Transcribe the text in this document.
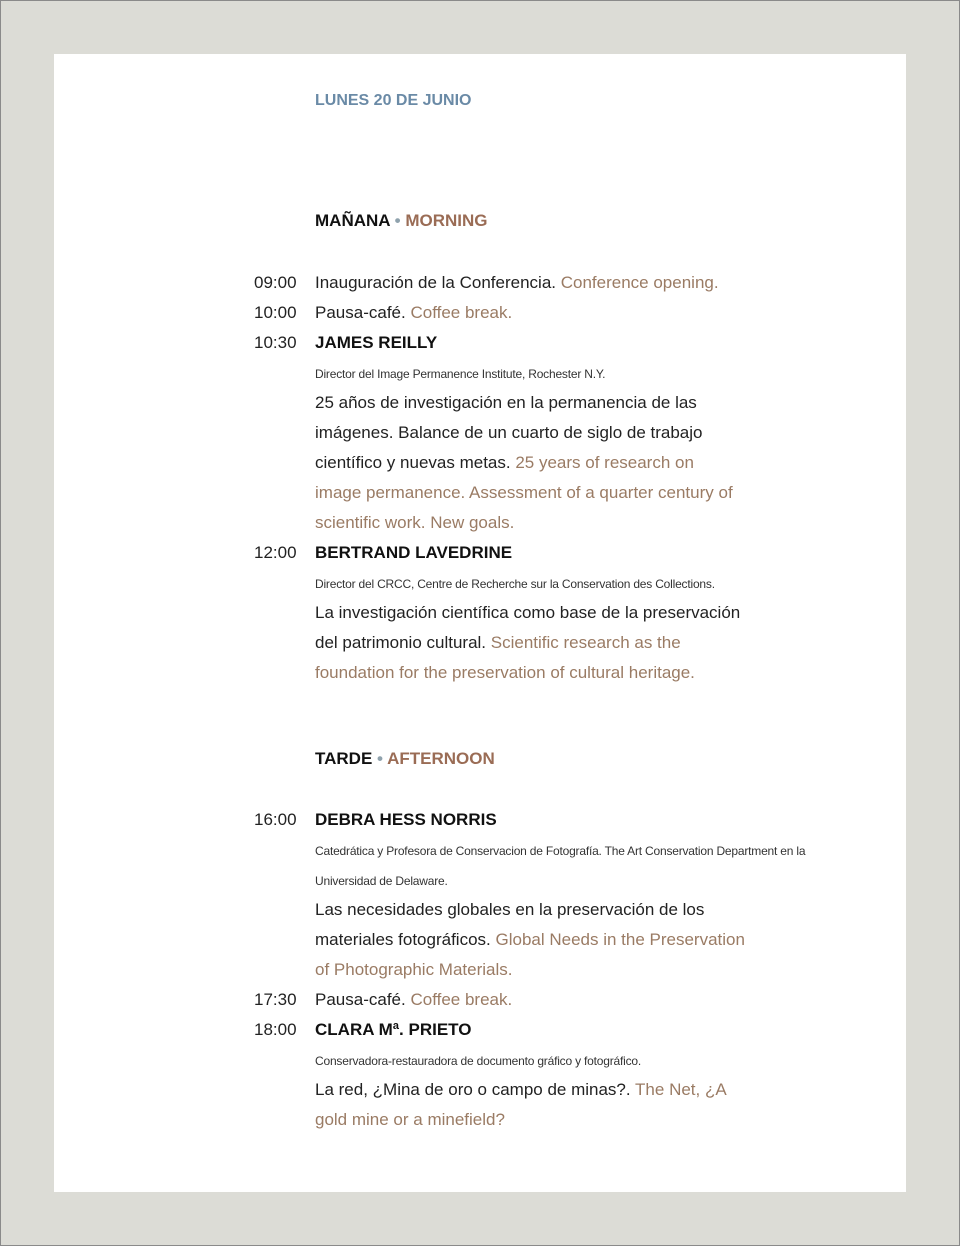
LUNES 20 DE JUNIO
MAÑANA • MORNING
09:00	Inauguración de la Conferencia. Conference opening.
10:00	Pausa-café. Coffee break.
10:30	JAMES REILLY
Director del Image Permanence Institute, Rochester N.Y.
25 años de investigación en la permanencia de las
imágenes. Balance de un cuarto de siglo de trabajo
científico y nuevas metas. 25 years of research on
image permanence. Assessment of a quarter century of
scientific work. New goals.
12:00	BERTRAND LAVEDRINE
Director del CRCC, Centre de Recherche sur la Conservation des Collections.
La investigación científica como base de la preservación
del patrimonio cultural. Scientific research as the
foundation for the preservation of cultural heritage.
TARDE • AFTERNOON
16:00	DEBRA HESS NORRIS
Catedrática y Profesora de Conservacion de Fotografía. The Art Conservation Department en la
Universidad de Delaware.
Las necesidades globales en la preservación de los
materiales fotográficos. Global Needs in the Preservation
of Photographic Materials.
17:30	Pausa-café. Coffee break.
18:00	CLARA Mª. PRIETO
Conservadora-restauradora de documento gráfico y fotográfico.
La red, ¿Mina de oro o campo de minas?. The Net, ¿A
gold mine or a minefield?
